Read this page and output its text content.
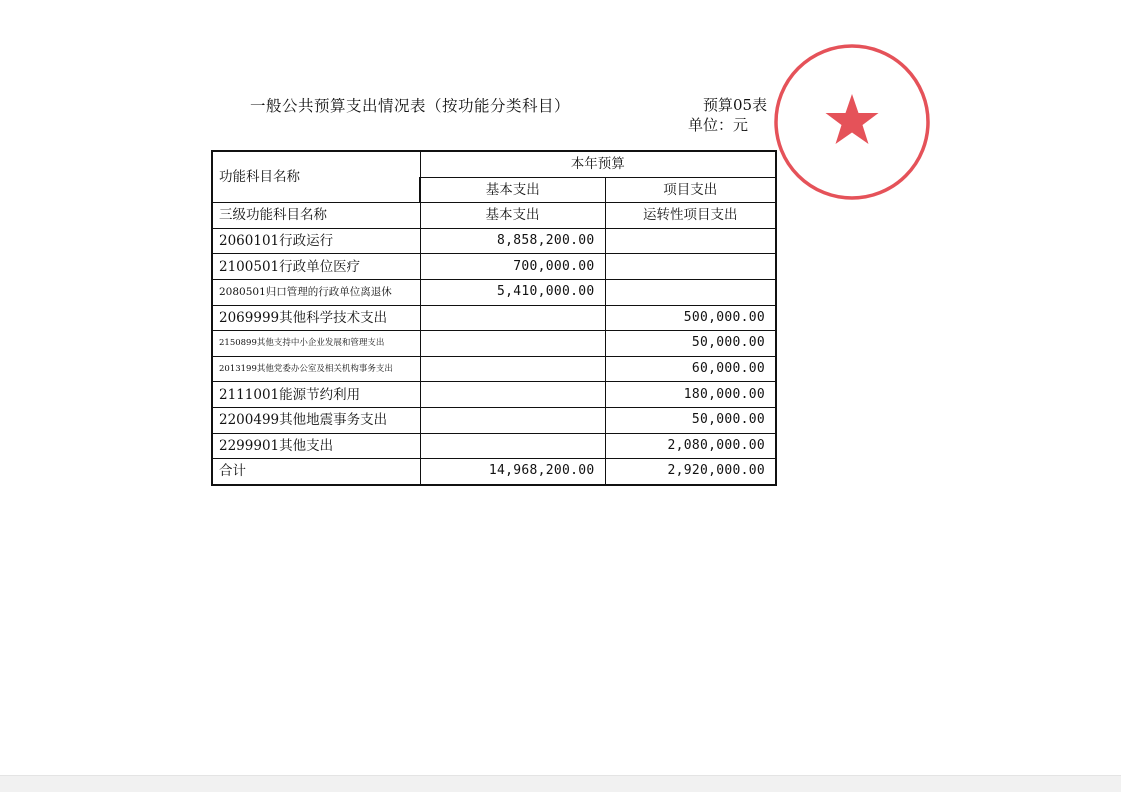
一般公共预算支出情况表（按功能分类科目）	预算05表
单位：元
功能科目名称	本年预算	
	基本支出	项目支出
三级功能科目名称	基本支出	运转性项目支出
2060101行政运行	8,858,200.00	
2100501行政单位医疗	700,000.00	
2080501归口管理的行政单位离退休	5,410,000.00	
2069999其他科学技术支出		500,000.00
2150899其他支持中小企业发展和管理支出		50,000.00
2013199其他党委办公室及相关机构事务支出		60,000.00
2111001能源节约利用		180,000.00
2200499其他地震事务支出		50,000.00
2299901其他支出		2,080,000.00
合计	14,968,200.00	2,920,000.00
